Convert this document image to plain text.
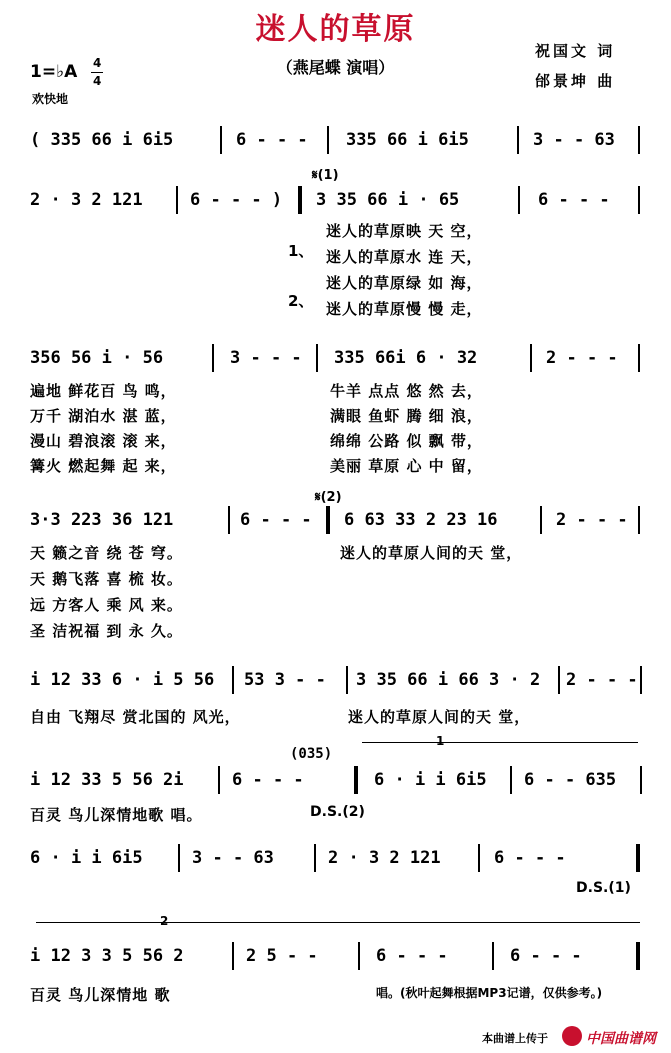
迷人的草原
（燕尾蝶 演唱）
祝国文 词
邰景坤 曲
1=♭A 4
4
欢快地
( 335 66 i 6i5	6 - - - 335 66 i 6i5	3 - - 63
𝄋(1)
2 · 3 2 121	6 - - - ) 3 35 66 i · 65	6 - - -
1、
2、
迷人的草原映 天 空，
迷人的草原水 连 天，
迷人的草原绿 如 海，
迷人的草原慢 慢 走，
356 56 i · 56	3 - - - 335 66i 6 · 32	2 - - -
遍地 鲜花百 鸟 鸣，	牛羊 点点 悠 然 去，
万千 湖泊水 湛 蓝，	满眼 鱼虾 腾 细 浪，
漫山 碧浪滚 滚 来，	绵绵 公路 似 飘 带，
篝火 燃起舞 起 来，	美丽 草原 心 中 留，
𝄋(2)
3·3 223 36 121	6 - - - 6 63 33 2 23 16	2 - - -
天 籁之音 绕 苍 穹。	迷人的草原人间的天 堂，
天 鹅飞落 喜 梳 妆。
远 方客人 乘 风 来。
圣 洁祝福 到 永 久。
i 12 33 6 · i 5 56 53 3 - - 3 35 66 i 66 3 · 2 2 - - -
自由 飞翔尽 赏北国的 风光，	迷人的草原人间的天 堂，
(035)
1
i 12 33 5 56 2i	6 - - -	6 · i i 6i5 6 - - 635
百灵 鸟儿深情地歌 唱。	D.S.(2)
6 · i i 6i5	3 - - 63	2 · 3 2 121	6 - - -
D.S.(1)
2
i 12 3 3 5 56 2	2 5 - -	6 - - -	6 - - -
百灵 鸟儿深情地 歌	唱。(秋叶起舞根据MP3记谱，仅供参考。)
本曲谱上传于	中国曲谱网
